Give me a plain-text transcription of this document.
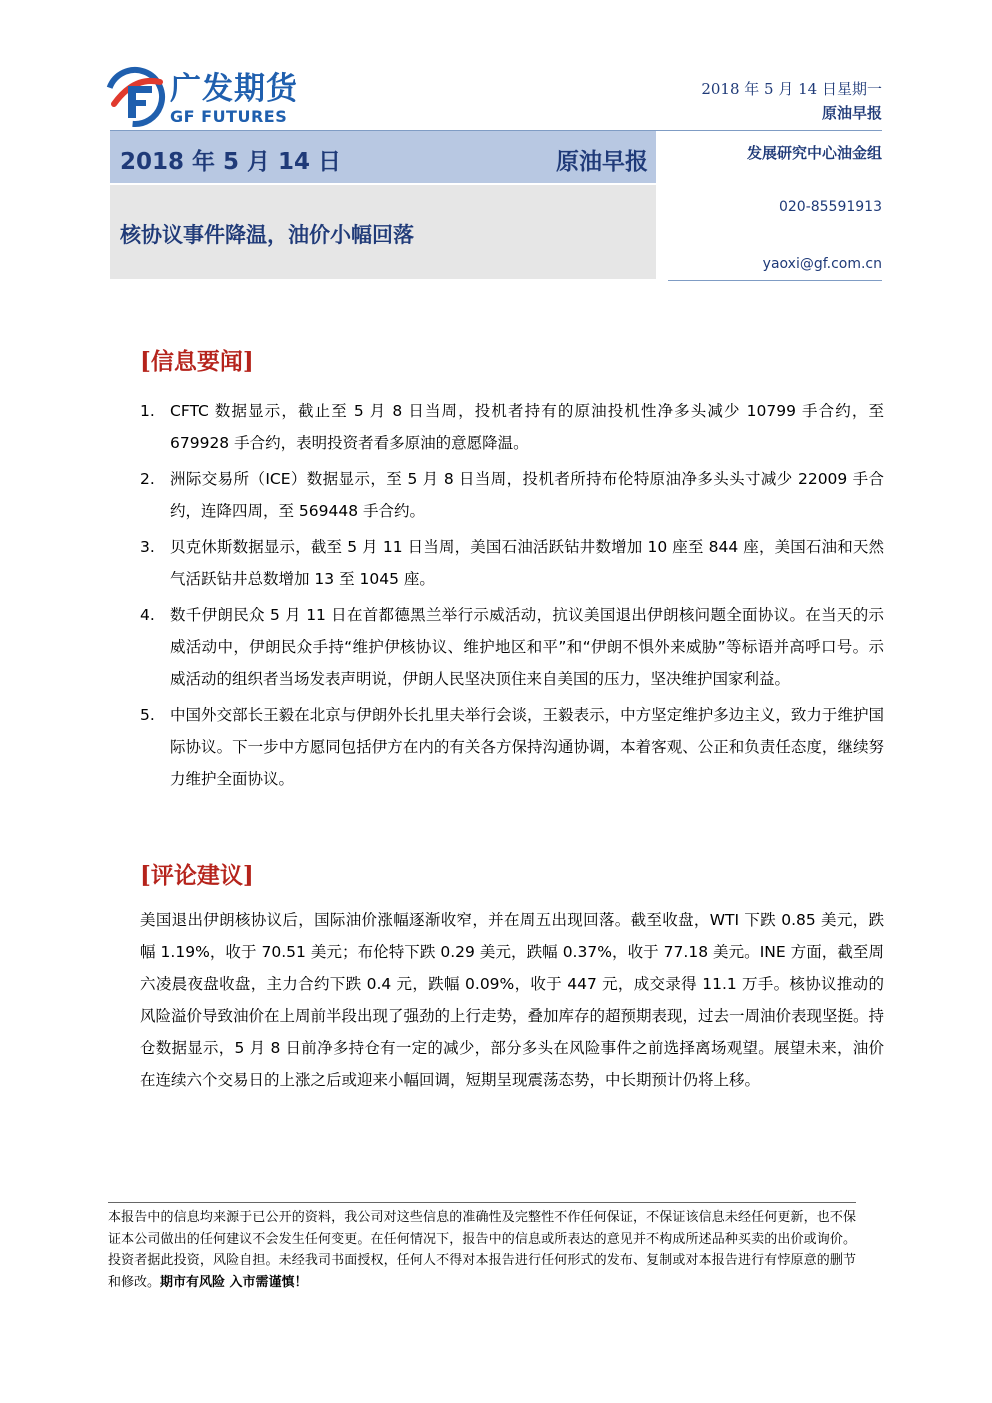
广发期货
GF FUTURES
2018 年 5 月 14 日星期一
原油早报
2018 年 5 月 14 日	原油早报
核协议事件降温，油价小幅回落
发展研究中心油金组
020-85591913
yaoxi@gf.com.cn
[信息要闻]
1. CFTC 数据显示，截止至 5 月 8 日当周，投机者持有的原油投机性净多头减少 10799 手合约，至 679928 手合约，表明投资者看多原油的意愿降温。
2. 洲际交易所（ICE）数据显示，至 5 月 8 日当周，投机者所持布伦特原油净多头头寸减少 22009 手合约，连降四周，至 569448 手合约。
3. 贝克休斯数据显示，截至 5 月 11 日当周，美国石油活跃钻井数增加 10 座至 844 座，美国石油和天然气活跃钻井总数增加 13 至 1045 座。
4. 数千伊朗民众 5 月 11 日在首都德黑兰举行示威活动，抗议美国退出伊朗核问题全面协议。在当天的示威活动中，伊朗民众手持“维护伊核协议、维护地区和平”和“伊朗不惧外来威胁”等标语并高呼口号。示威活动的组织者当场发表声明说，伊朗人民坚决顶住来自美国的压力，坚决维护国家利益。
5. 中国外交部长王毅在北京与伊朗外长扎里夫举行会谈，王毅表示，中方坚定维护多边主义，致力于维护国际协议。下一步中方愿同包括伊方在内的有关各方保持沟通协调，本着客观、公正和负责任态度，继续努力维护全面协议。
[评论建议]

美国退出伊朗核协议后，国际油价涨幅逐渐收窄，并在周五出现回落。截至收盘，WTI 下跌 0.85 美元，跌幅 1.19%，收于 70.51 美元；布伦特下跌 0.29 美元，跌幅 0.37%，收于 77.18 美元。INE 方面，截至周六凌晨夜盘收盘，主力合约下跌 0.4 元，跌幅 0.09%，收于 447 元，成交录得 11.1 万手。核协议推动的风险溢价导致油价在上周前半段出现了强劲的上行走势，叠加库存的超预期表现，过去一周油价表现坚挺。持仓数据显示，5 月 8 日前净多持仓有一定的减少，部分多头在风险事件之前选择离场观望。展望未来，油价在连续六个交易日的上涨之后或迎来小幅回调，短期呈现震荡态势，中长期预计仍将上移。

本报告中的信息均来源于已公开的资料，我公司对这些信息的准确性及完整性不作任何保证，不保证该信息未经任何更新，也不保证本公司做出的任何建议不会发生任何变更。在任何情况下，报告中的信息或所表达的意见并不构成所述品种买卖的出价或询价。投资者据此投资，风险自担。未经我司书面授权，任何人不得对本报告进行任何形式的发布、复制或对本报告进行有悖原意的删节和修改。期市有风险 入市需谨慎！
